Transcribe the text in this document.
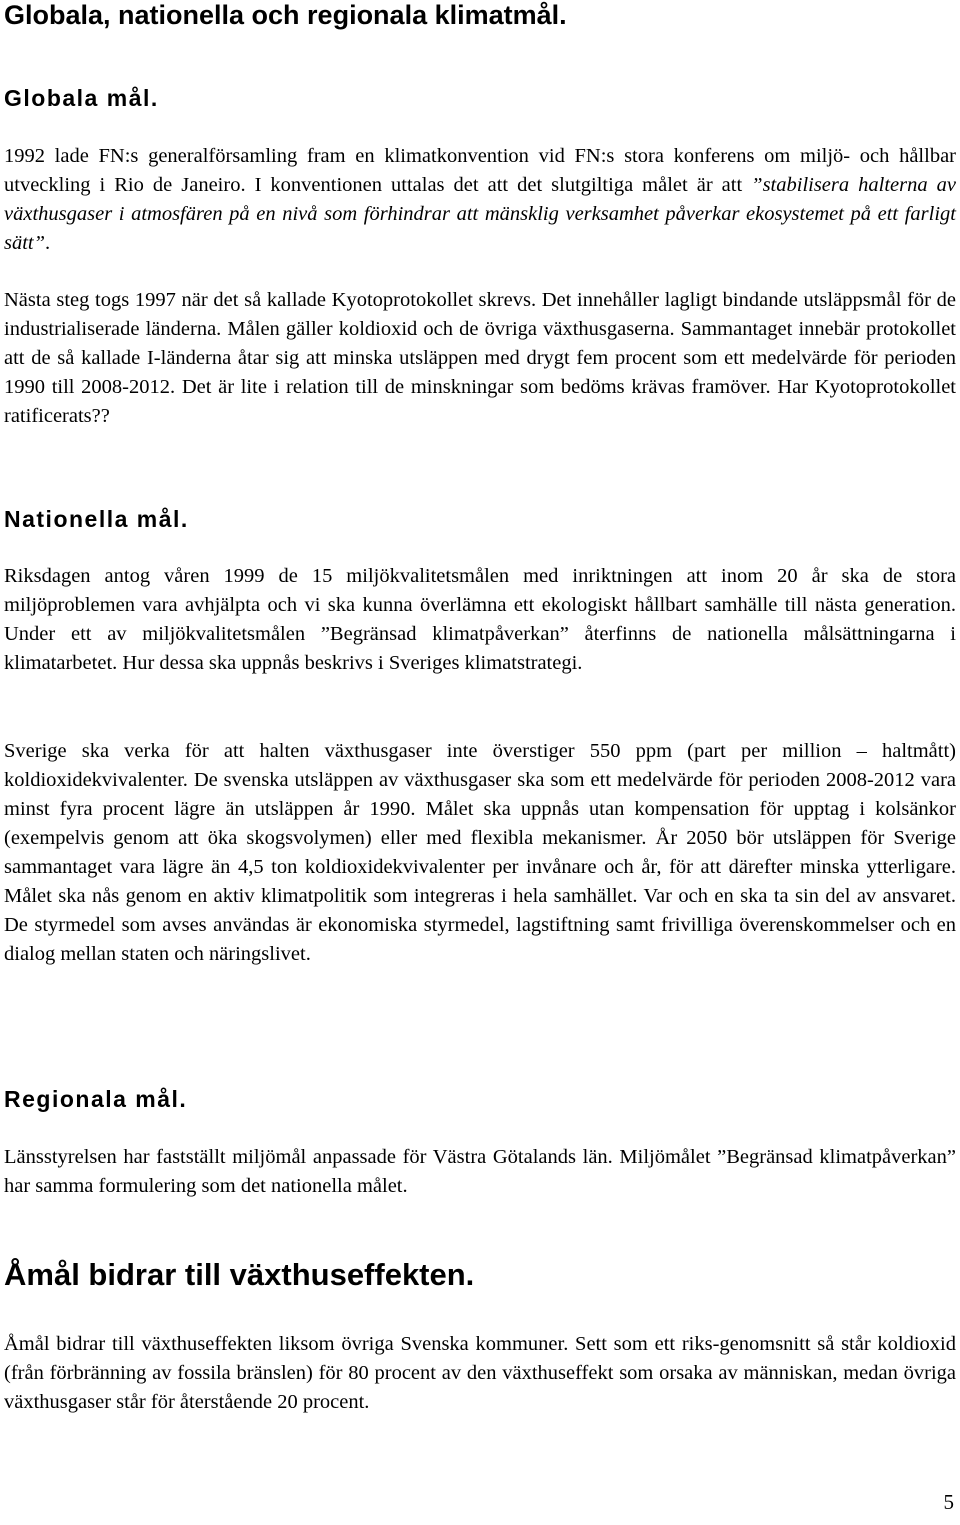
Globala, nationella och regionala klimatmål.
Globala mål.

1992 lade FN:s generalförsamling fram en klimatkonvention vid FN:s stora konferens om miljö- och hållbar utveckling i Rio de Janeiro. I konventionen uttalas det att det slutgiltiga målet är att ”stabilisera halterna av växthusgaser i atmosfären på en nivå som förhindrar att mänsklig verksamhet påverkar ekosystemet på ett farligt sätt”.

Nästa steg togs 1997 när det så kallade Kyotoprotokollet skrevs. Det innehåller lagligt bindande utsläppsmål för de industrialiserade länderna. Målen gäller koldioxid och de övriga växthusgaserna. Sammantaget innebär protokollet att de så kallade I-länderna åtar sig att minska utsläppen med drygt fem procent som ett medelvärde för perioden 1990 till 2008-2012. Det är lite i relation till de minskningar som bedöms krävas framöver. Har Kyotoprotokollet ratificerats??

Nationella mål.

Riksdagen antog våren 1999 de 15 miljökvalitetsmålen med inriktningen att inom 20 år ska de stora miljöproblemen vara avhjälpta och vi ska kunna överlämna ett ekologiskt hållbart samhälle till nästa generation. Under ett av miljökvalitetsmålen ”Begränsad klimatpåverkan” återfinns de nationella målsättningarna i klimatarbetet. Hur dessa ska uppnås beskrivs i Sveriges klimatstrategi.

Sverige ska verka för att halten växthusgaser inte överstiger 550 ppm (part per million – haltmått) koldioxidekvivalenter. De svenska utsläppen av växthusgaser ska som ett medelvärde för perioden 2008-2012 vara minst fyra procent lägre än utsläppen år 1990. Målet ska uppnås utan kompensation för upptag i kolsänkor (exempelvis genom att öka skogsvolymen) eller med flexibla mekanismer. År 2050 bör utsläppen för Sverige sammantaget vara lägre än 4,5 ton koldioxidekvivalenter per invånare och år, för att därefter minska ytterligare. Målet ska nås genom en aktiv klimatpolitik som integreras i hela samhället. Var och en ska ta sin del av ansvaret. De styrmedel som avses användas är ekonomiska styrmedel, lagstiftning samt frivilliga överenskommelser och en dialog mellan staten och näringslivet.

Regionala mål.

Länsstyrelsen har fastställt miljömål anpassade för Västra Götalands län. Miljömålet ”Begränsad klimatpåverkan” har samma formulering som det nationella målet.

Åmål bidrar till växthuseffekten.

Åmål bidrar till växthuseffekten liksom övriga Svenska kommuner. Sett som ett riks-genomsnitt så står koldioxid (från förbränning av fossila bränslen) för 80 procent av den växthuseffekt som orsaka av människan, medan övriga växthusgaser står för återstående 20 procent.

5
